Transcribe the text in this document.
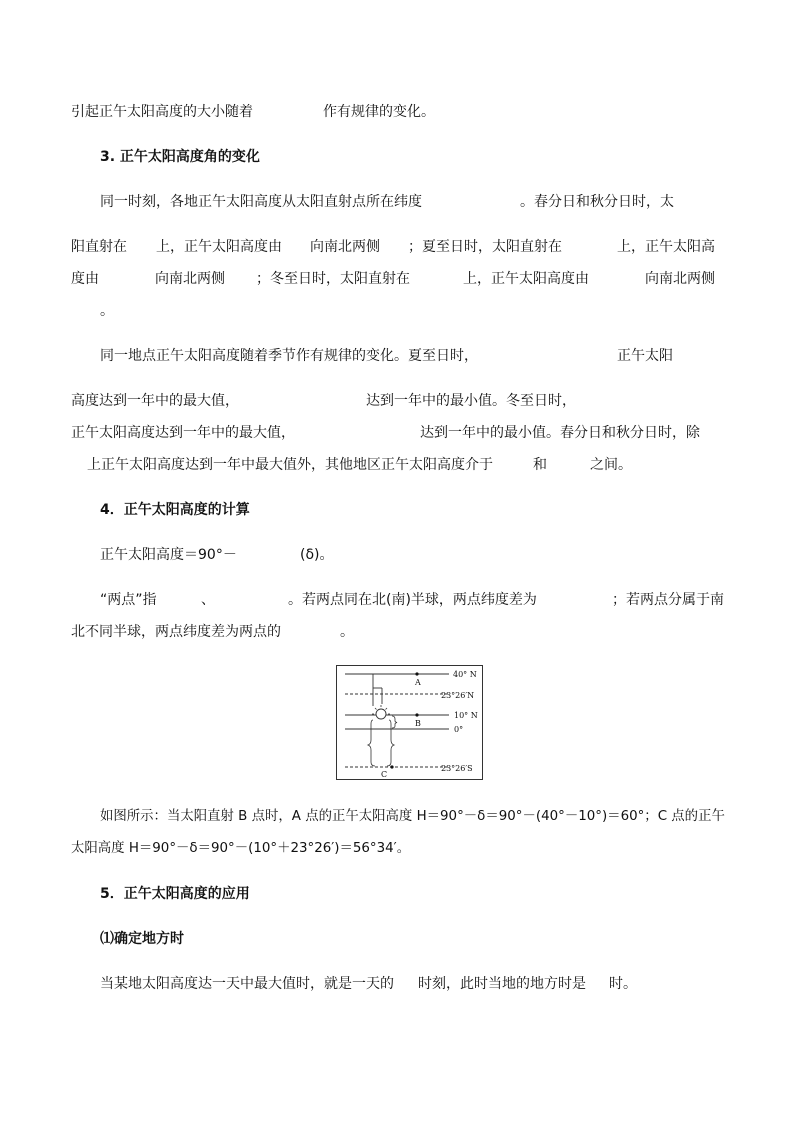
引起正午太阳高度的大小随着	作有规律的变化。
3. 正午太阳高度角的变化
同一时刻，各地正午太阳高度从太阳直射点所在纬度	。春分日和秋分日时，太
阳直射在 上，正午太阳高度由 向南北两侧 ；夏至日时，太阳直射在	上，正午太阳高
度由	向南北两侧 ；冬至日时，太阳直射在	上，正午太阳高度由	向南北两侧
。
同一地点正午太阳高度随着季节作有规律的变化。夏至日时，	正午太阳
高度达到一年中的最大值，	达到一年中的最小值。冬至日时，
正午太阳高度达到一年中的最大值，	达到一年中的最小值。春分日和秋分日时，除
上正午太阳高度达到一年中最大值外，其他地区正午太阳高度介于	和	之间。
4．正午太阳高度的计算
正午太阳高度＝90°－	(δ)。
“两点”指	、	。若两点同在北(南)半球，两点纬度差为	；若两点分属于南
北不同半球，两点纬度差为两点的	。
A
B
C
40° N
23°26′N
10° N
0°
23°26′S
如图所示：当太阳直射 B 点时，A 点的正午太阳高度 H＝90°－δ＝90°－(40°－10°)＝60°；C 点的正午
太阳高度 H＝90°－δ＝90°－(10°＋23°26′)＝56°34′。
5．正午太阳高度的应用
⑴确定地方时
当某地太阳高度达一天中最大值时，就是一天的 时刻，此时当地的地方时是 时。
